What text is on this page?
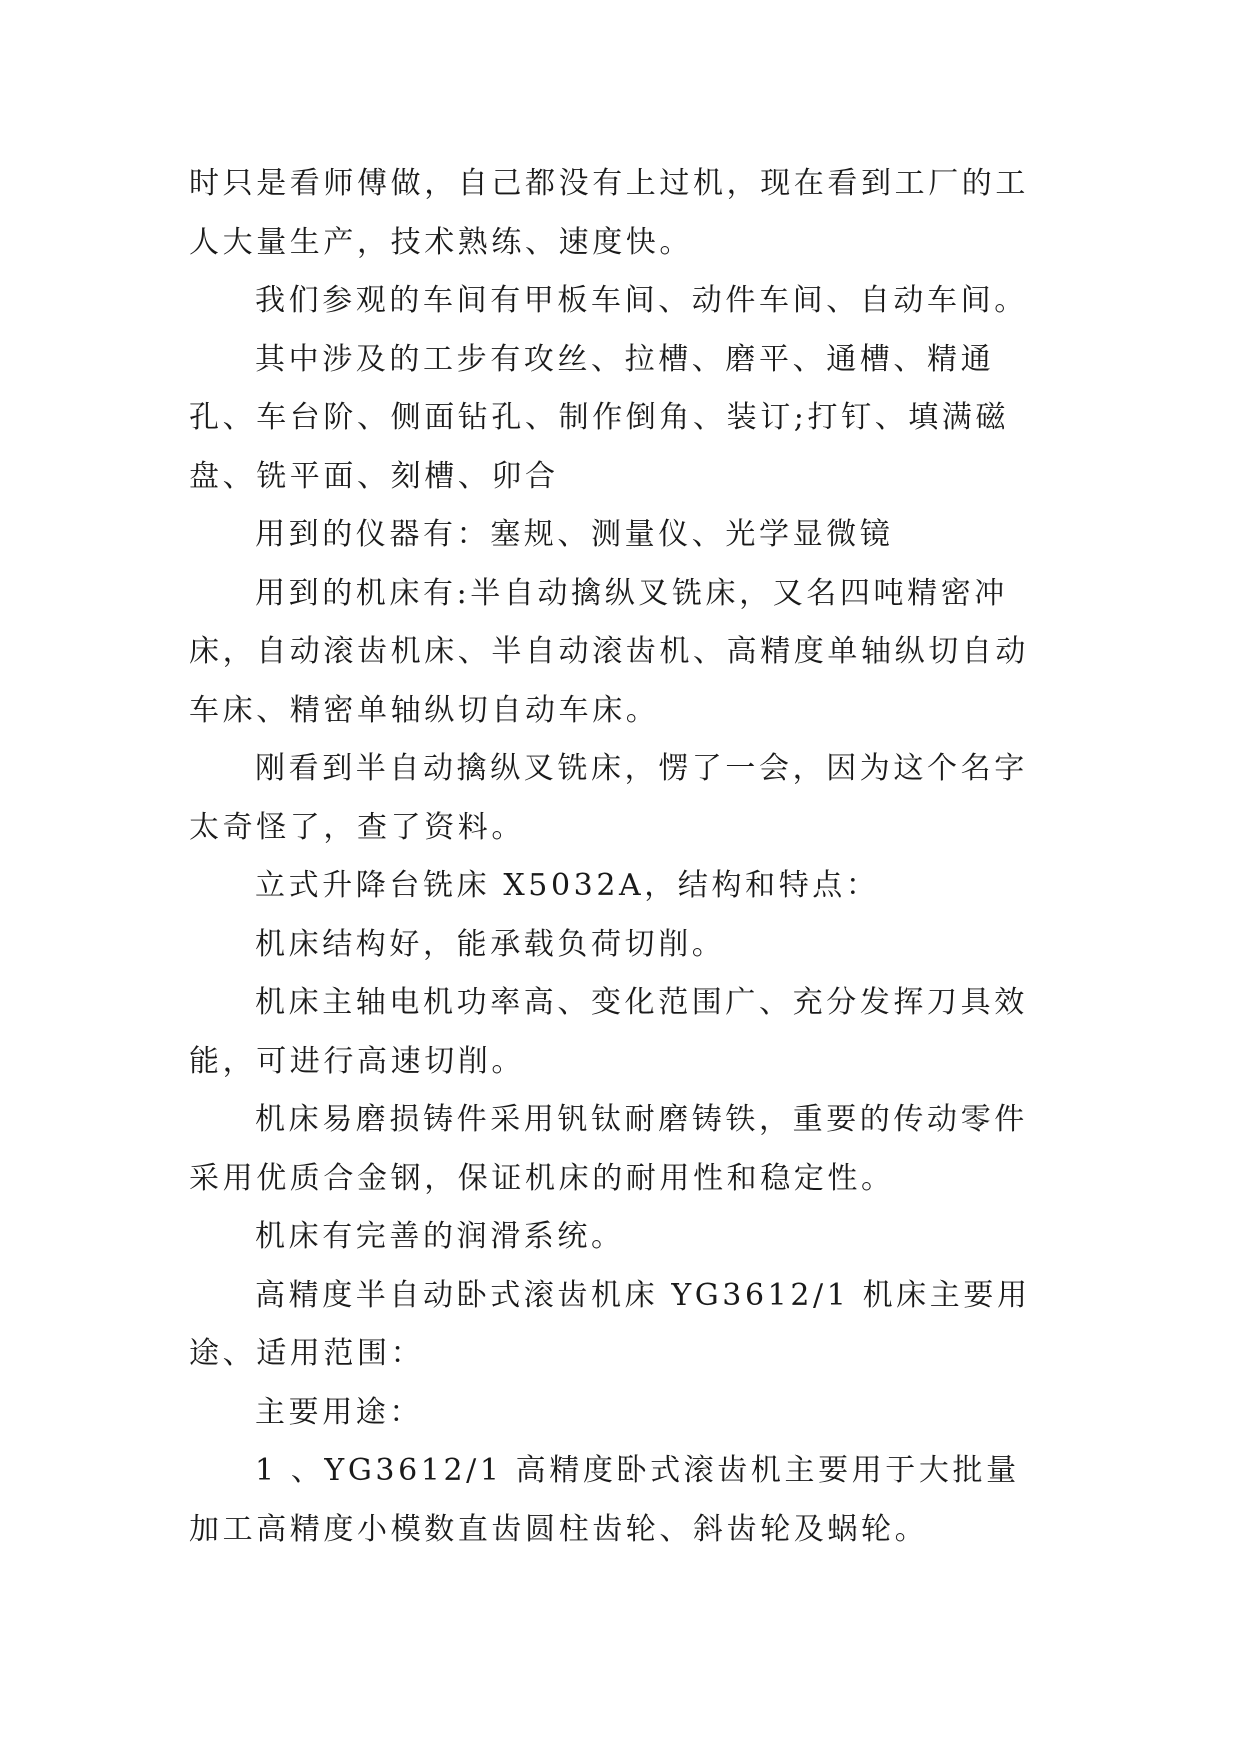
时只是看师傅做，自己都没有上过机，现在看到工厂的工人大量生产，技术熟练、速度快。

我们参观的车间有甲板车间、动件车间、自动车间。

其中涉及的工步有攻丝、拉槽、磨平、通槽、精通孔、车台阶、侧面钻孔、制作倒角、装订;打钉、填满磁盘、铣平面、刻槽、卯合

用到的仪器有：塞规、测量仪、光学显微镜

用到的机床有:半自动擒纵叉铣床，又名四吨精密冲床，自动滚齿机床、半自动滚齿机、高精度单轴纵切自动车床、精密单轴纵切自动车床。

刚看到半自动擒纵叉铣床，愣了一会，因为这个名字太奇怪了，查了资料。

立式升降台铣床 X5032A，结构和特点：

机床结构好，能承载负荷切削。

机床主轴电机功率高、变化范围广、充分发挥刀具效能，可进行高速切削。

机床易磨损铸件采用钒钛耐磨铸铁，重要的传动零件采用优质合金钢，保证机床的耐用性和稳定性。

机床有完善的润滑系统。

高精度半自动卧式滚齿机床 YG3612/1 机床主要用途、适用范围：

主要用途：

1 、YG3612/1 高精度卧式滚齿机主要用于大批量加工高精度小模数直齿圆柱齿轮、斜齿轮及蜗轮。
